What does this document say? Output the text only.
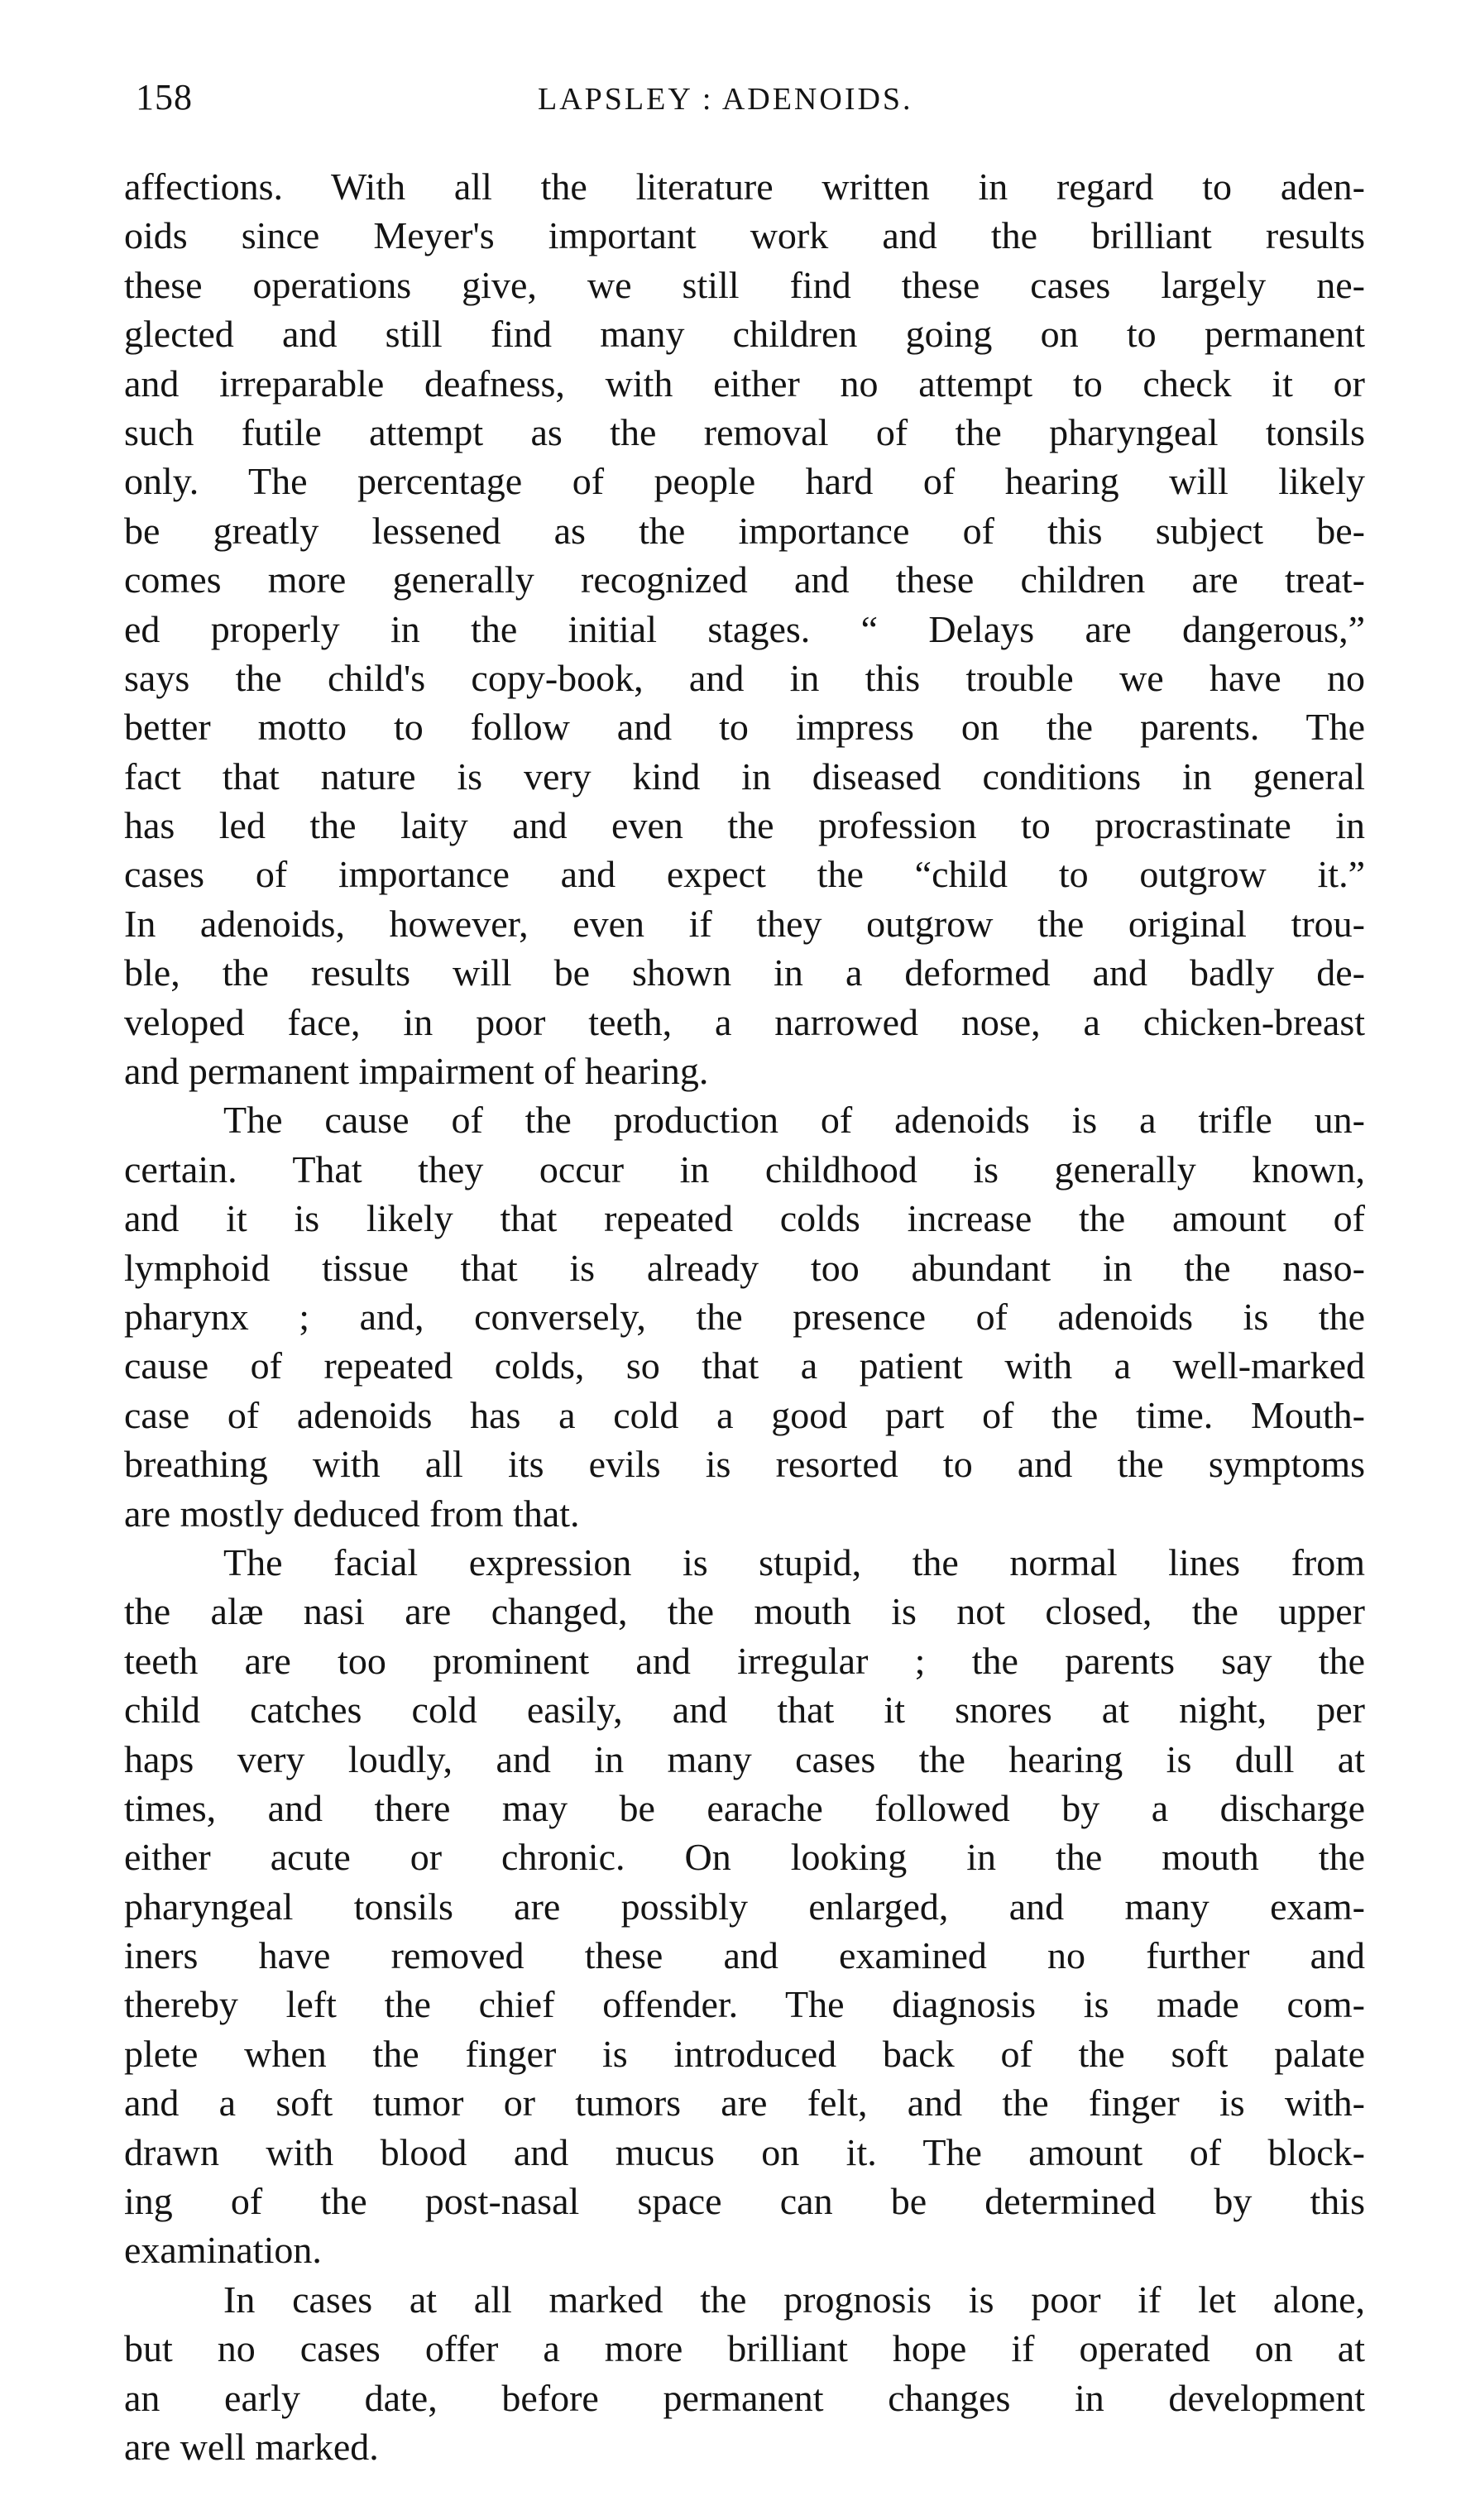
158	LAPSLEY : ADENOIDS.
affections. With all the literature written in regard to aden-
oids since Meyer's important work and the brilliant results
these operations give, we still find these cases largely ne-
glected and still find many children going on to permanent
and irreparable deafness, with either no attempt to check it or
such futile attempt as the removal of the pharyngeal tonsils
only. The percentage of people hard of hearing will likely
be greatly lessened as the importance of this subject be-
comes more generally recognized and these children are treat-
ed properly in the initial stages. “ Delays are dangerous,”
says the child's copy-book, and in this trouble we have no
better motto to follow and to impress on the parents. The
fact that nature is very kind in diseased conditions in general
has led the laity and even the profession to procrastinate in
cases of importance and expect the “child to outgrow it.”
In adenoids, however, even if they outgrow the original trou-
ble, the results will be shown in a deformed and badly de-
veloped face, in poor teeth, a narrowed nose, a chicken-breast
and permanent impairment of hearing.
The cause of the production of adenoids is a trifle un-
certain. That they occur in childhood is generally known,
and it is likely that repeated colds increase the amount of
lymphoid tissue that is already too abundant in the naso-
pharynx ; and, conversely, the presence of adenoids is the
cause of repeated colds, so that a patient with a well-marked
case of adenoids has a cold a good part of the time. Mouth-
breathing with all its evils is resorted to and the symptoms
are mostly deduced from that.
The facial expression is stupid, the normal lines from
the alæ nasi are changed, the mouth is not closed, the upper
teeth are too prominent and irregular ; the parents say the
child catches cold easily, and that it snores at night, per
haps very loudly, and in many cases the hearing is dull at
times, and there may be earache followed by a discharge
either acute or chronic. On looking in the mouth the
pharyngeal tonsils are possibly enlarged, and many exam-
iners have removed these and examined no further and
thereby left the chief offender. The diagnosis is made com-
plete when the finger is introduced back of the soft palate
and a soft tumor or tumors are felt, and the finger is with-
drawn with blood and mucus on it. The amount of block-
ing of the post-nasal space can be determined by this
examination.
In cases at all marked the prognosis is poor if let alone,
but no cases offer a more brilliant hope if operated on at
an early date, before permanent changes in development
are well marked.
